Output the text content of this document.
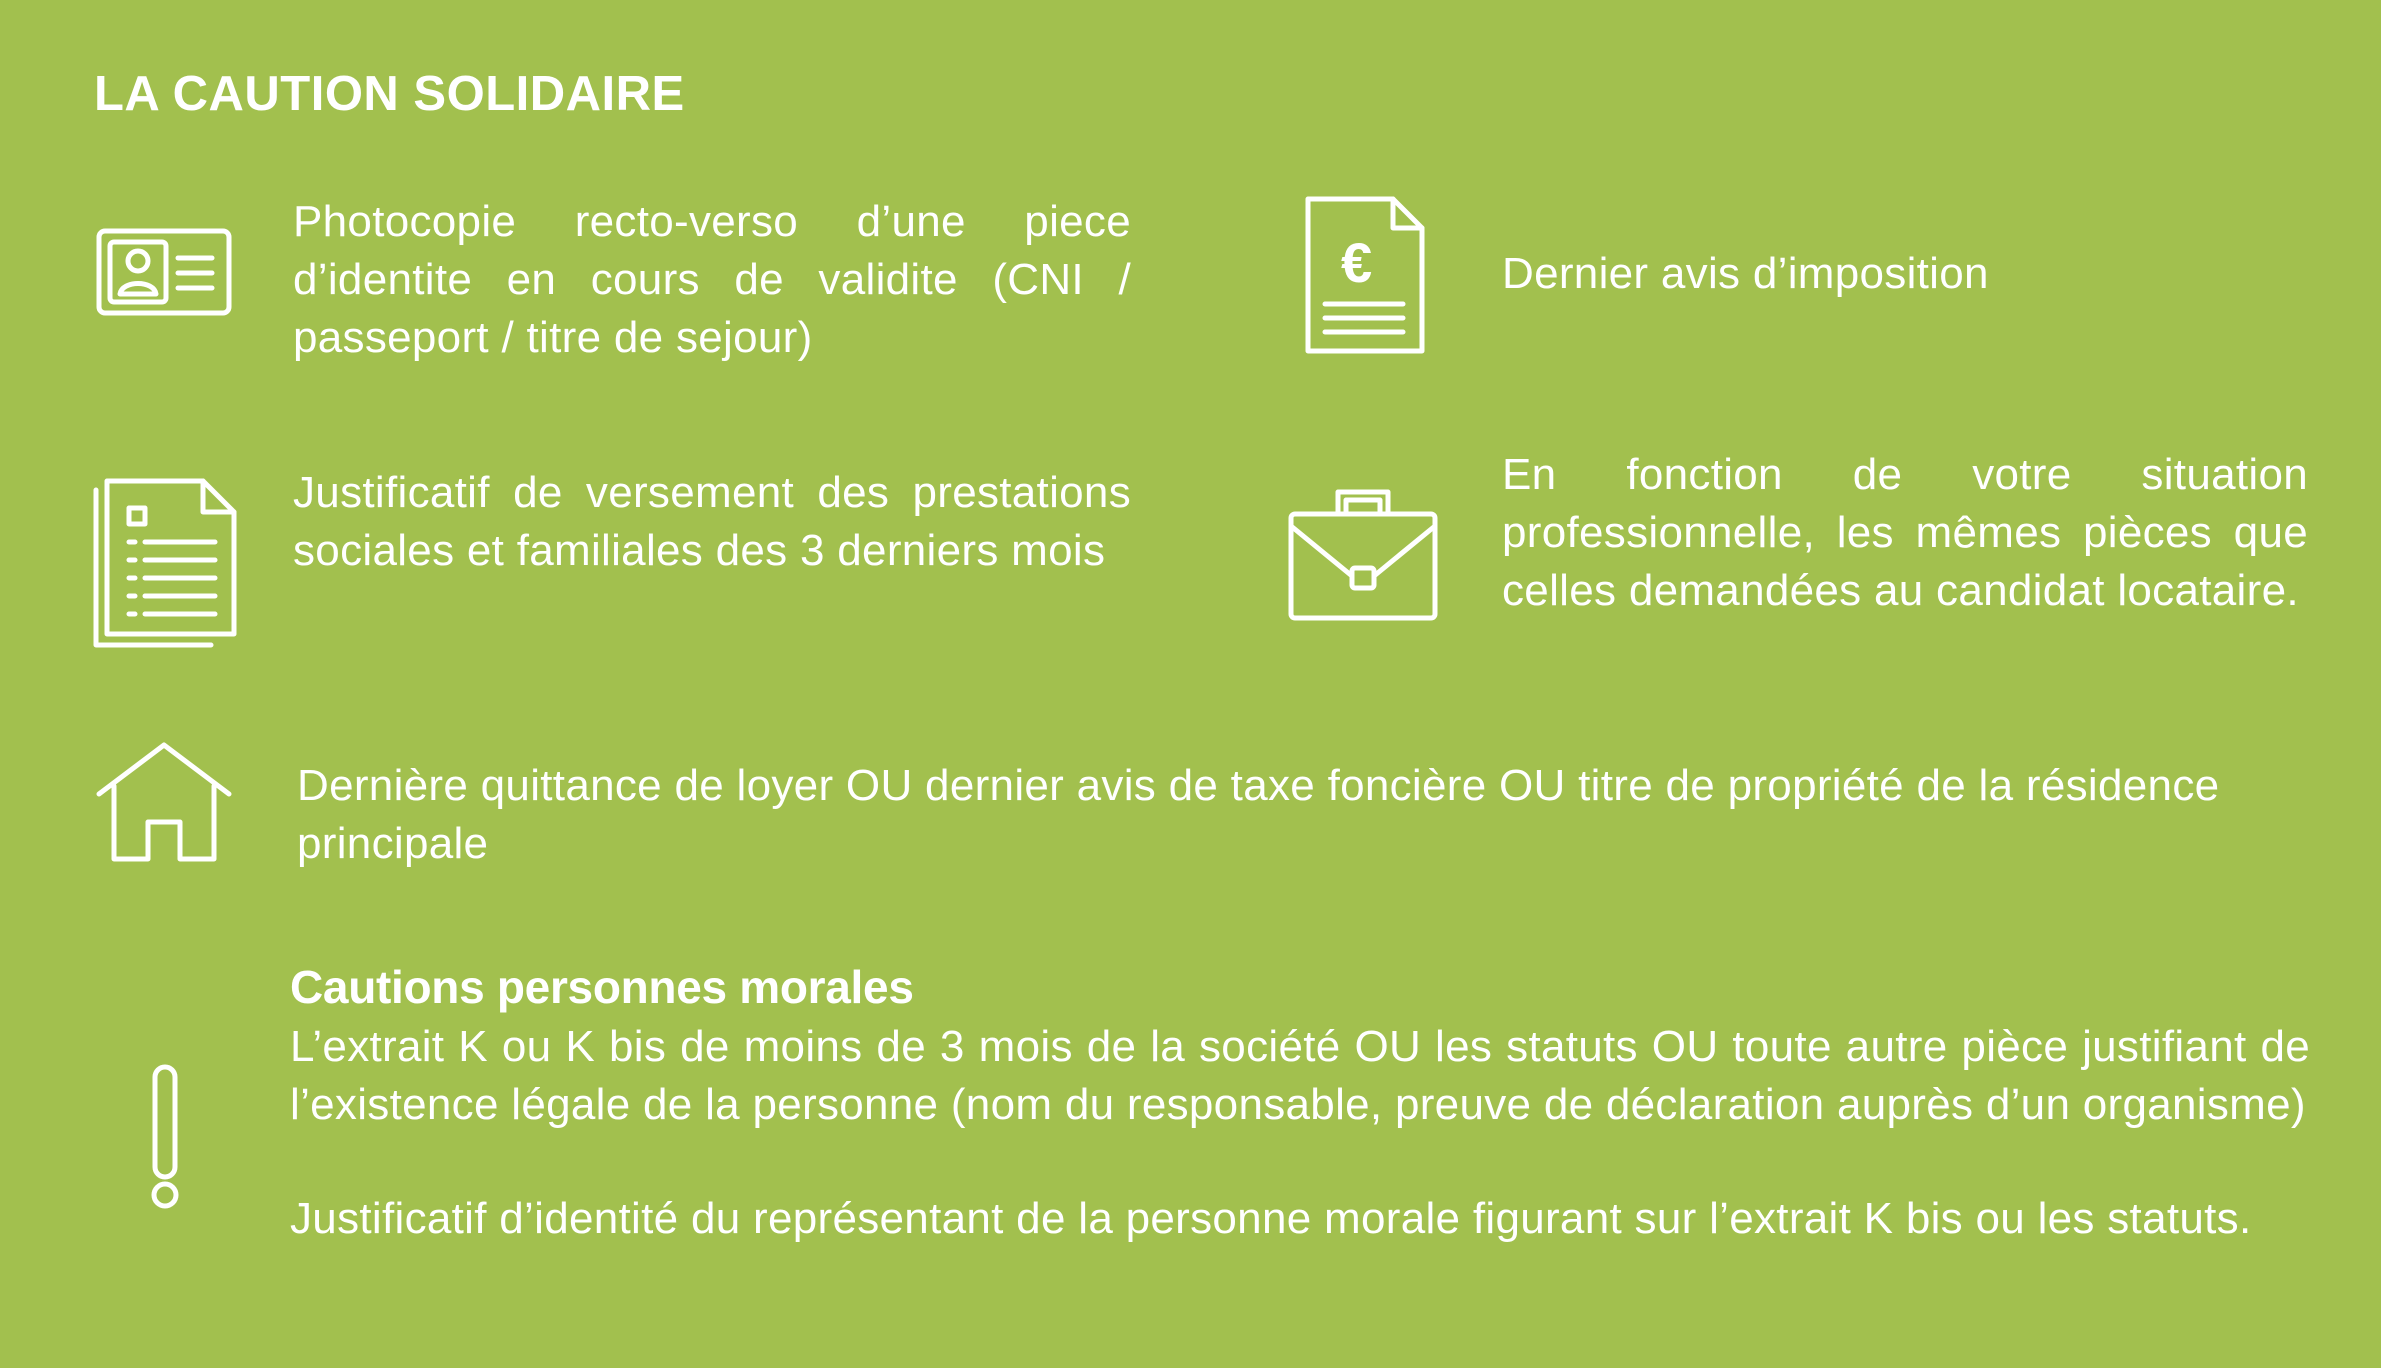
LA CAUTION SOLIDAIRE
Photocopie recto-verso d’une piece d’identite en cours de validite (CNI / passeport / titre de sejour)
€	Dernier avis d’imposition
Justificatif de versement des prestations sociales et familiales des 3 derniers mois
En fonction de votre situation professionnelle, les mêmes pièces que celles demandées au candidat locataire.
Dernière quittance de loyer OU dernier avis de taxe foncière OU titre de propriété de la résidence principale
Cautions personnes morales
L’extrait K ou K bis de moins de 3 mois de la société OU les statuts OU toute autre pièce justifiant de l’existence légale de la personne (nom du responsable, preuve de déclaration auprès d’un organisme)
Justificatif d’identité du représentant de la personne morale figurant sur l’extrait K bis ou les statuts.
